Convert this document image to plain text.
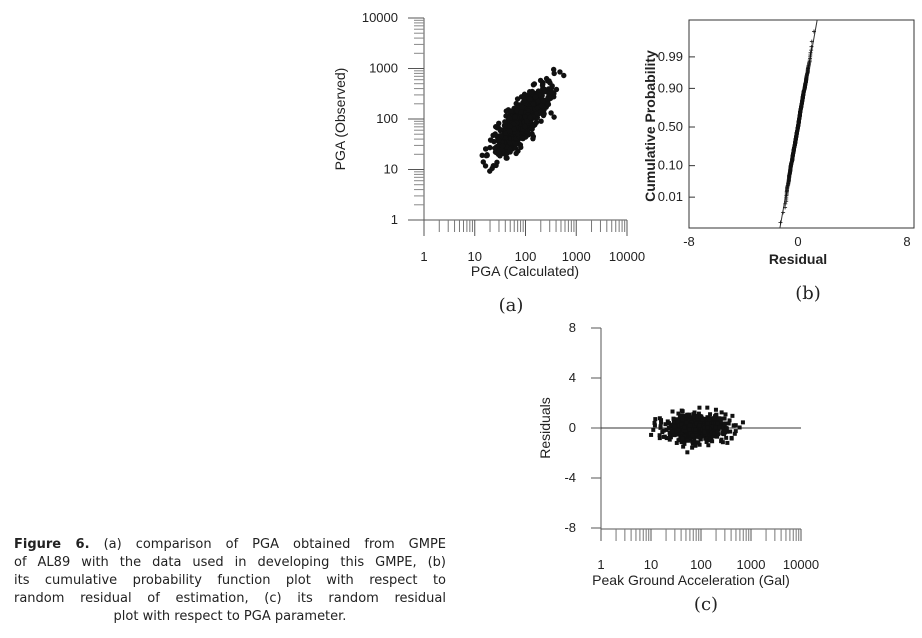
1
10
100
1000
10000
1	10	100 1000 10000
PGA (Calculated)
PGA (Observed)
(a)
0.01
0.10
0.50
0.90
0.99
-8	0	8
Residual
Cumulative Probability
(b)
8
4
0
-4
-8
1	10 100 1000 10000
Peak Ground Acceleration (Gal)
Residuals
(c)
Figure 6. (a) comparison of PGA obtained from GMPE
of AL89 with the data used in developing this GMPE, (b)
its cumulative probability function plot with respect to
random residual of estimation, (c) its random residual
plot with respect to PGA parameter.
